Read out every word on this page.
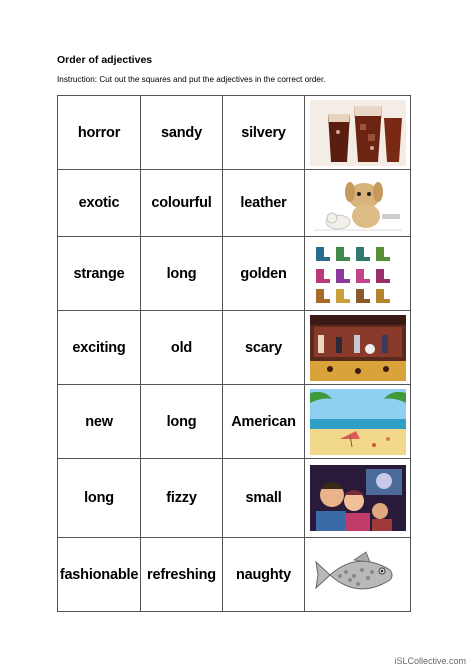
Order of adjectives
Instruction: Cut out the squares and put the adjectives in the correct order.
horror	sandy	silvery	

exotic	colourful	leather	

strange	long	golden	

exciting	old	scary	

new	long	American	

long	fizzy	small	

fashionable	refreshing	naughty	
iSLCollective.com
